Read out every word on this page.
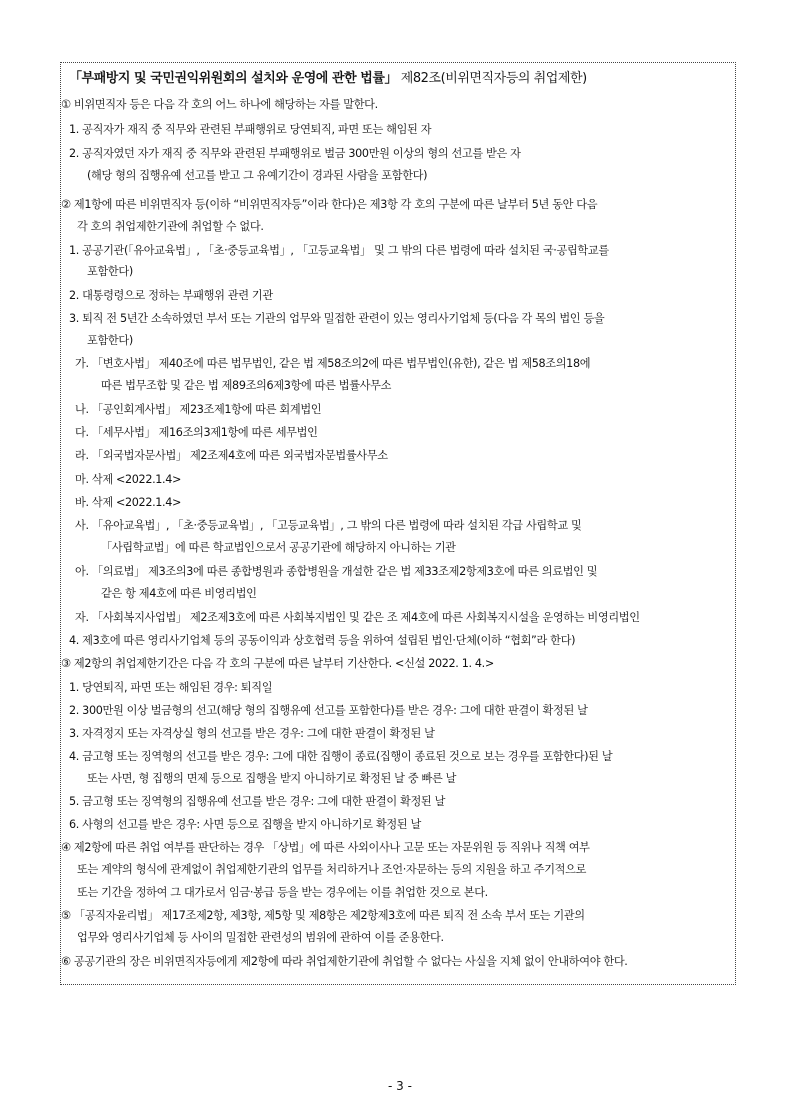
「부패방지 및 국민권익위원회의 설치와 운영에 관한 법률」 제82조(비위면직자등의 취업제한)
① 비위면직자 등은 다음 각 호의 어느 하나에 해당하는 자를 말한다.
1. 공직자가 재직 중 직무와 관련된 부패행위로 당연퇴직, 파면 또는 해임된 자
2. 공직자였던 자가 재직 중 직무와 관련된 부패행위로 벌금 300만원 이상의 형의 선고를 받은 자
(해당 형의 집행유예 선고를 받고 그 유예기간이 경과된 사람을 포함한다)
② 제1항에 따른 비위면직자 등(이하 “비위면직자등”이라 한다)은 제3항 각 호의 구분에 따른 날부터 5년 동안 다음
각 호의 취업제한기관에 취업할 수 없다.
1. 공공기관(「유아교육법」, 「초·중등교육법」, 「고등교육법」 및 그 밖의 다른 법령에 따라 설치된 국·공립학교를
포함한다)
2. 대통령령으로 정하는 부패행위 관련 기관
3. 퇴직 전 5년간 소속하였던 부서 또는 기관의 업무와 밀접한 관련이 있는 영리사기업체 등(다음 각 목의 법인 등을
포함한다)
가. 「변호사법」 제40조에 따른 법무법인, 같은 법 제58조의2에 따른 법무법인(유한), 같은 법 제58조의18에
따른 법무조합 및 같은 법 제89조의6제3항에 따른 법률사무소
나. 「공인회계사법」 제23조제1항에 따른 회계법인
다. 「세무사법」 제16조의3제1항에 따른 세무법인
라. 「외국법자문사법」 제2조제4호에 따른 외국법자문법률사무소
마. 삭제 <2022.1.4>
바. 삭제 <2022.1.4>
사. 「유아교육법」, 「초·중등교육법」, 「고등교육법」, 그 밖의 다른 법령에 따라 설치된 각급 사립학교 및
「사립학교법」에 따른 학교법인으로서 공공기관에 해당하지 아니하는 기관
아. 「의료법」 제3조의3에 따른 종합병원과 종합병원을 개설한 같은 법 제33조제2항제3호에 따른 의료법인 및
같은 항 제4호에 따른 비영리법인
자. 「사회복지사업법」 제2조제3호에 따른 사회복지법인 및 같은 조 제4호에 따른 사회복지시설을 운영하는 비영리법인
4. 제3호에 따른 영리사기업체 등의 공동이익과 상호협력 등을 위하여 설립된 법인·단체(이하 “협회”라 한다)
③ 제2항의 취업제한기간은 다음 각 호의 구분에 따른 날부터 기산한다. <신설 2022. 1. 4.>
1. 당연퇴직, 파면 또는 해임된 경우: 퇴직일
2. 300만원 이상 벌금형의 선고(해당 형의 집행유예 선고를 포함한다)를 받은 경우: 그에 대한 판결이 확정된 날
3. 자격정지 또는 자격상실 형의 선고를 받은 경우: 그에 대한 판결이 확정된 날
4. 금고형 또는 징역형의 선고를 받은 경우: 그에 대한 집행이 종료(집행이 종료된 것으로 보는 경우를 포함한다)된 날
또는 사면, 형 집행의 면제 등으로 집행을 받지 아니하기로 확정된 날 중 빠른 날
5. 금고형 또는 징역형의 집행유예 선고를 받은 경우: 그에 대한 판결이 확정된 날
6. 사형의 선고를 받은 경우: 사면 등으로 집행을 받지 아니하기로 확정된 날
④ 제2항에 따른 취업 여부를 판단하는 경우 「상법」에 따른 사외이사나 고문 또는 자문위원 등 직위나 직책 여부
또는 계약의 형식에 관계없이 취업제한기관의 업무를 처리하거나 조언·자문하는 등의 지원을 하고 주기적으로
또는 기간을 정하여 그 대가로서 임금·봉급 등을 받는 경우에는 이를 취업한 것으로 본다.
⑤ 「공직자윤리법」 제17조제2항, 제3항, 제5항 및 제8항은 제2항제3호에 따른 퇴직 전 소속 부서 또는 기관의
업무와 영리사기업체 등 사이의 밀접한 관련성의 범위에 관하여 이를 준용한다.
⑥ 공공기관의 장은 비위면직자등에게 제2항에 따라 취업제한기관에 취업할 수 없다는 사실을 지체 없이 안내하여야 한다.
- 3 -
